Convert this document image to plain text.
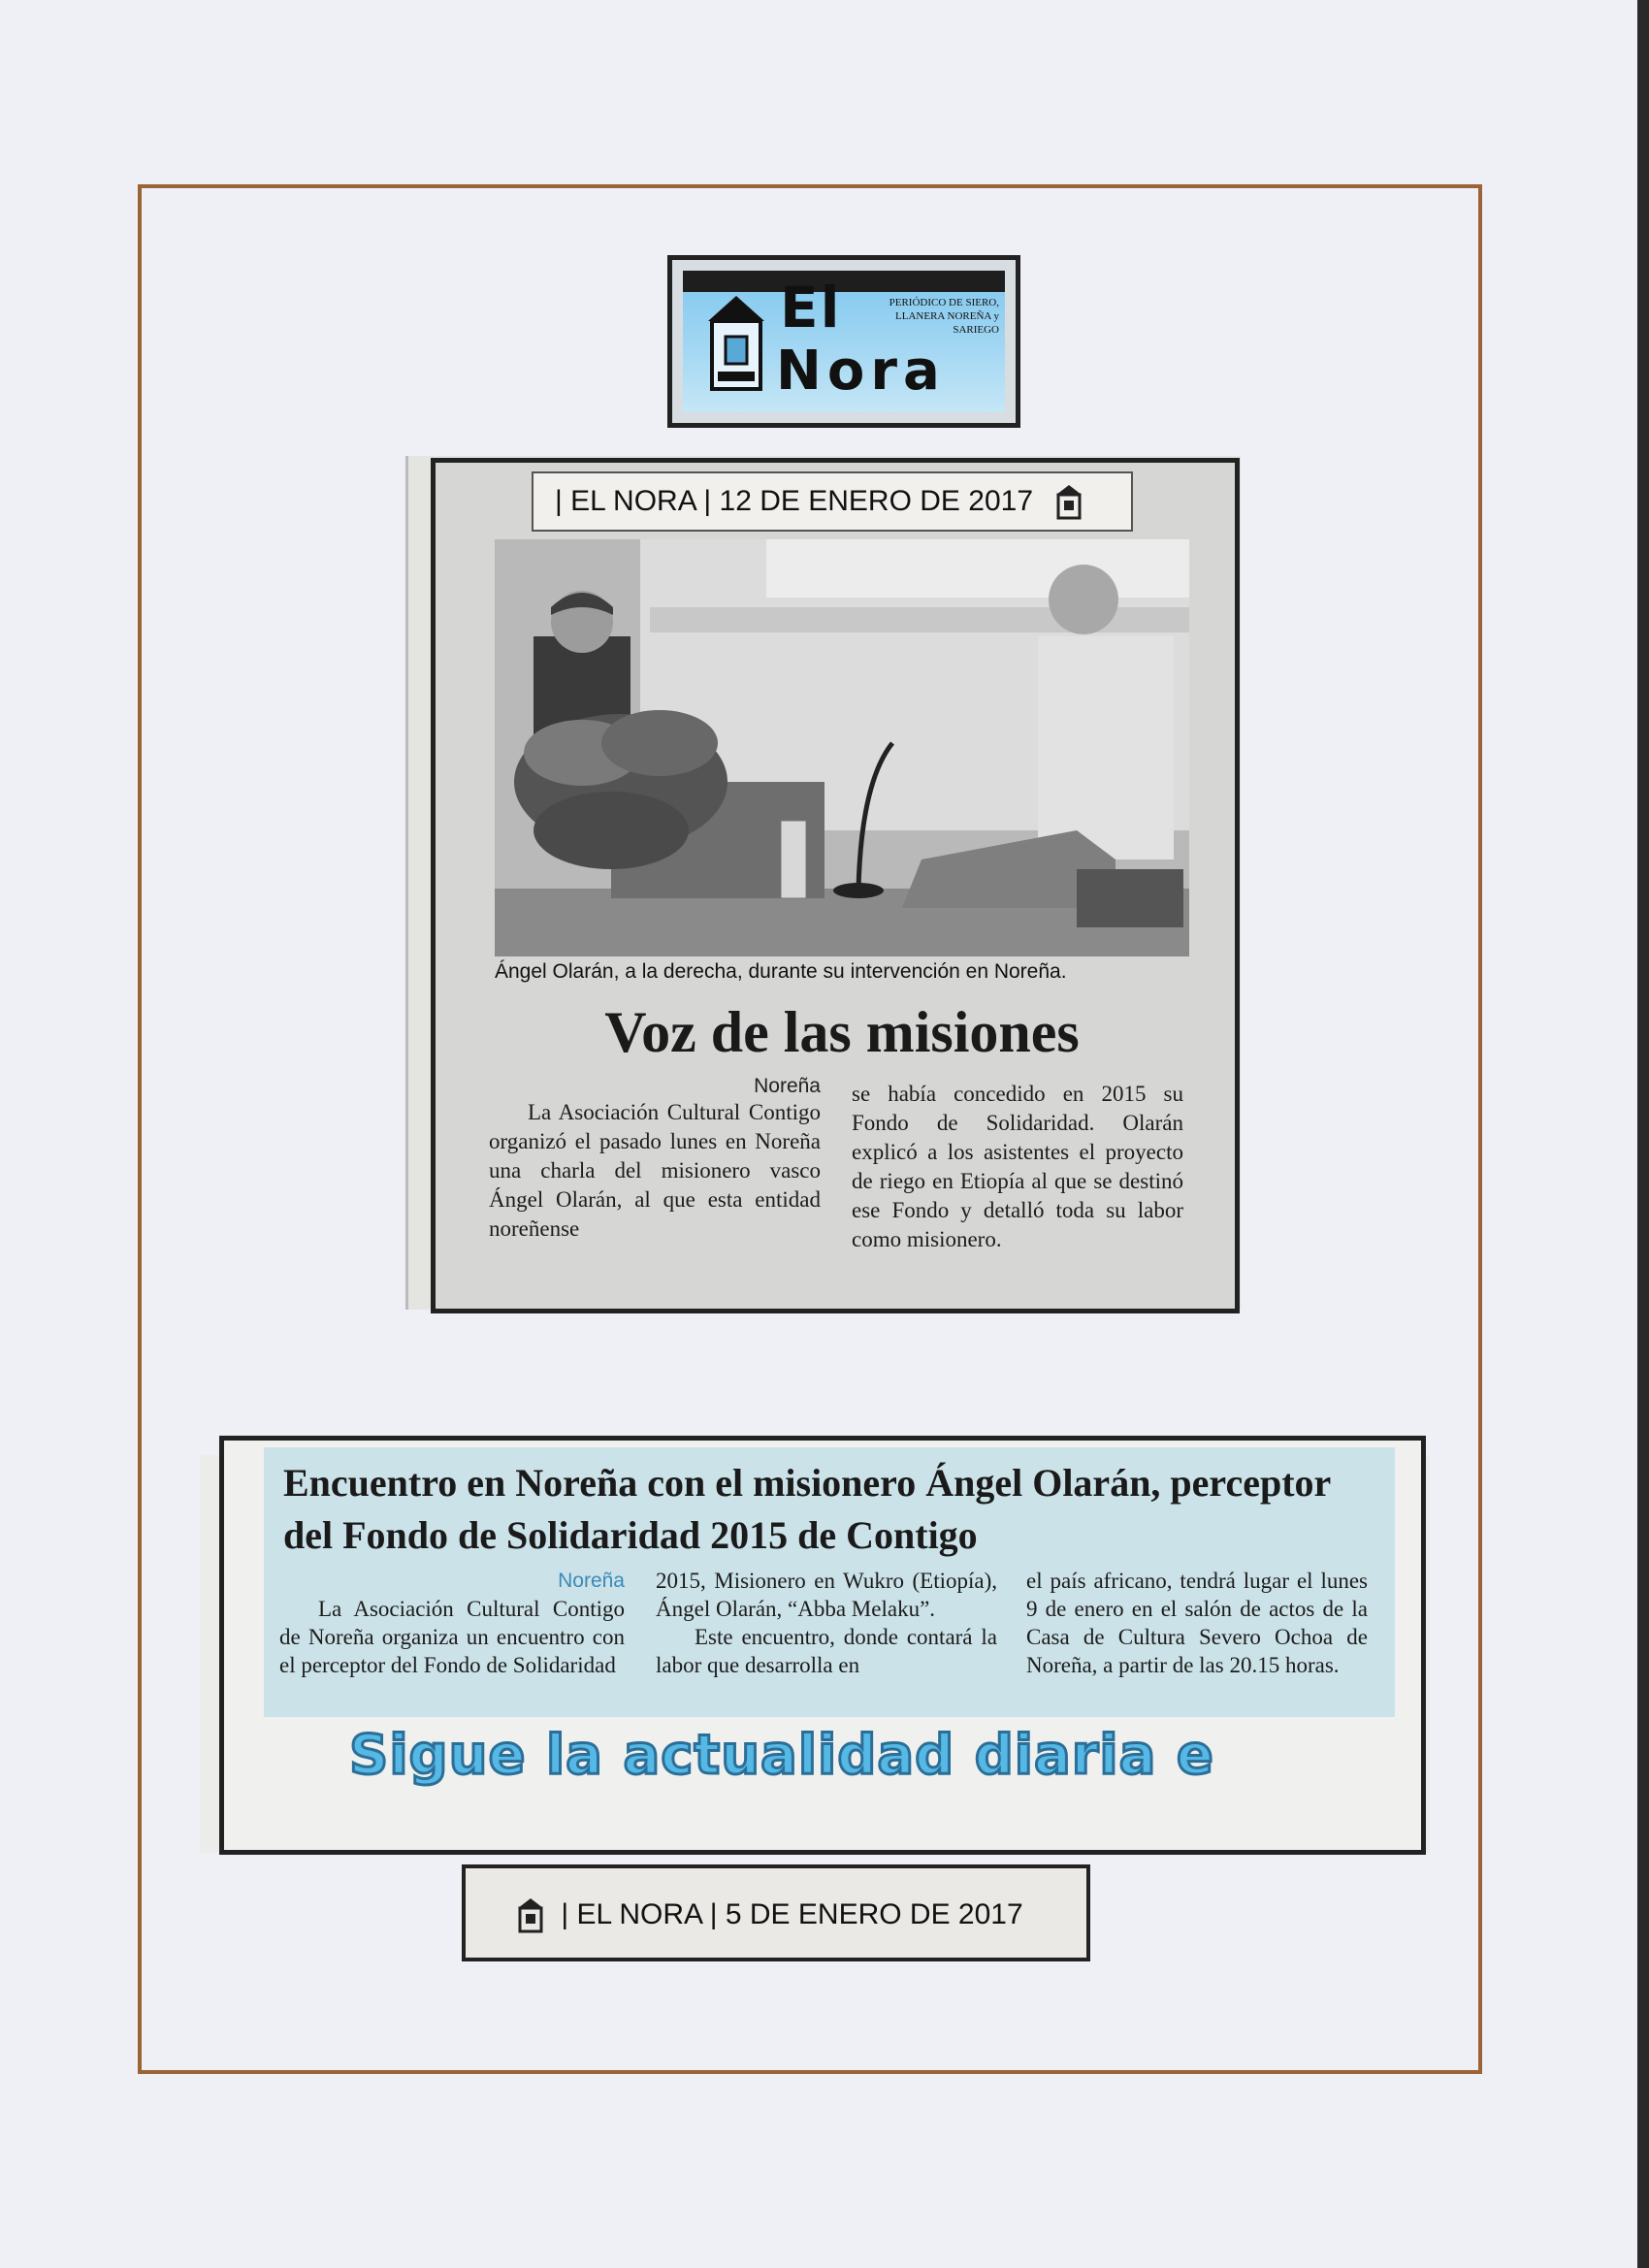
El
Nora
PERIÓDICO DE SIERO, LLANERA NOREÑA y SARIEGO
| EL NORA | 12 DE ENERO DE 2017
Ángel Olarán, a la derecha, durante su intervención en Noreña.
Voz de las misiones
Noreña
La Asociación Cultural Contigo organizó el pasado lunes en Noreña una charla del misionero vasco Ángel Olarán, al que esta entidad noreñense
se había concedido en 2015 su Fondo de Solidaridad. Olarán explicó a los asistentes el proyecto de riego en Etiopía al que se destinó ese Fondo y detalló toda su labor como misionero.
Encuentro en Noreña con el misionero Ángel Olarán, perceptor del Fondo de Solidaridad 2015 de Contigo
Noreña
La Asociación Cultural Contigo de Noreña organiza un encuentro con el perceptor del Fondo de Solidaridad
2015, Misionero en Wukro (Etiopía), Ángel Olarán, “Abba Melaku”.
Este encuentro, donde contará la labor que desarrolla en
el país africano, tendrá lugar el lunes 9 de enero en el salón de actos de la Casa de Cultura Severo Ochoa de Noreña, a partir de las 20.15 horas.
Sigue la actualidad diaria e
| EL NORA | 5 DE ENERO DE 2017
